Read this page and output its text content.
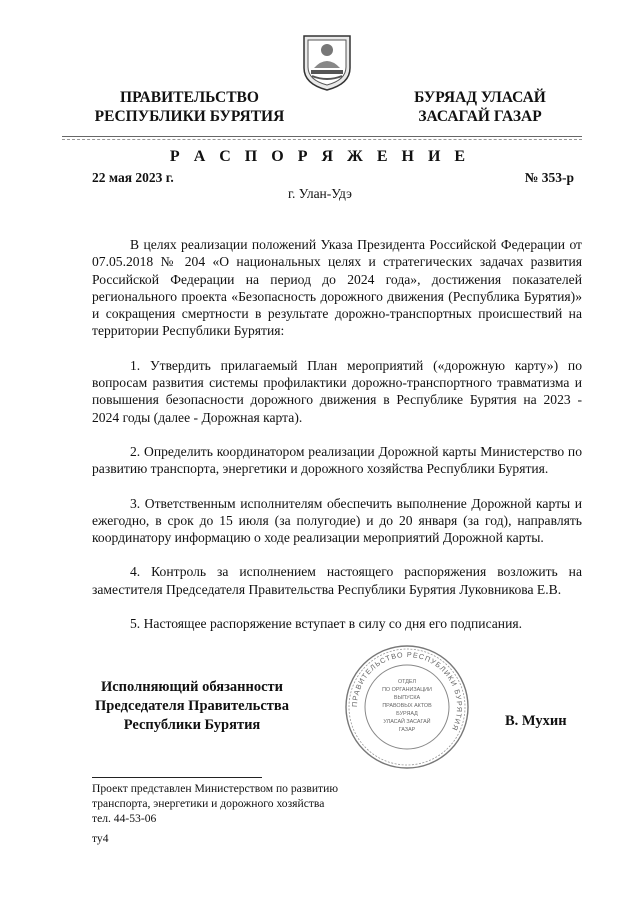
ПРАВИТЕЛЬСТВО
РЕСПУБЛИКИ БУРЯТИЯ
БУРЯАД УЛАСАЙ
ЗАСАГАЙ ГАЗАР
Р А С П О Р Я Ж Е Н И Е
22 мая 2023 г.	№ 353-р
г. Улан-Удэ

В целях реализации положений Указа Президента Российской Федерации от 07.05.2018 № 204 «О национальных целях и стратегических задачах развития Российской Федерации на период до 2024 года», достижения показателей регионального проекта «Безопасность дорожного движения (Республика Бурятия)» и сокращения смертности в результате дорожно-транспортных происшествий на территории Республики Бурятия:

1. Утвердить прилагаемый План мероприятий («дорожную карту») по вопросам развития системы профилактики дорожно-транспортного травматизма и повышения безопасности дорожного движения в Республике Бурятия на 2023 - 2024 годы (далее - Дорожная карта).

2. Определить координатором реализации Дорожной карты Министерство по развитию транспорта, энергетики и дорожного хозяйства Республики Бурятия.

3. Ответственным исполнителям обеспечить выполнение Дорожной карты и ежегодно, в срок до 15 июля (за полугодие) и до 20 января (за год), направлять координатору информацию о ходе реализации мероприятий Дорожной карты.

4. Контроль за исполнением настоящего распоряжения возложить на заместителя Председателя Правительства Республики Бурятия Луковникова Е.В.

5. Настоящее распоряжение вступает в силу со дня его подписания.

Исполняющий обязанности
Председателя Правительства
Республики Бурятия
ПРАВИТЕЛЬСТВО РЕСПУБЛИКИ БУРЯТИЯ
ОТДЕЛ
ПО ОРГАНИЗАЦИИ
ВЫПУСКА
ПРАВОВЫХ АКТОВ
БУРЯАД
УЛАСАЙ ЗАСАГАЙ
ГАЗАР
В. Мухин
Проект представлен Министерством по развитию
транспорта, энергетики и дорожного хозяйства
тел. 44-53-06
ту4
